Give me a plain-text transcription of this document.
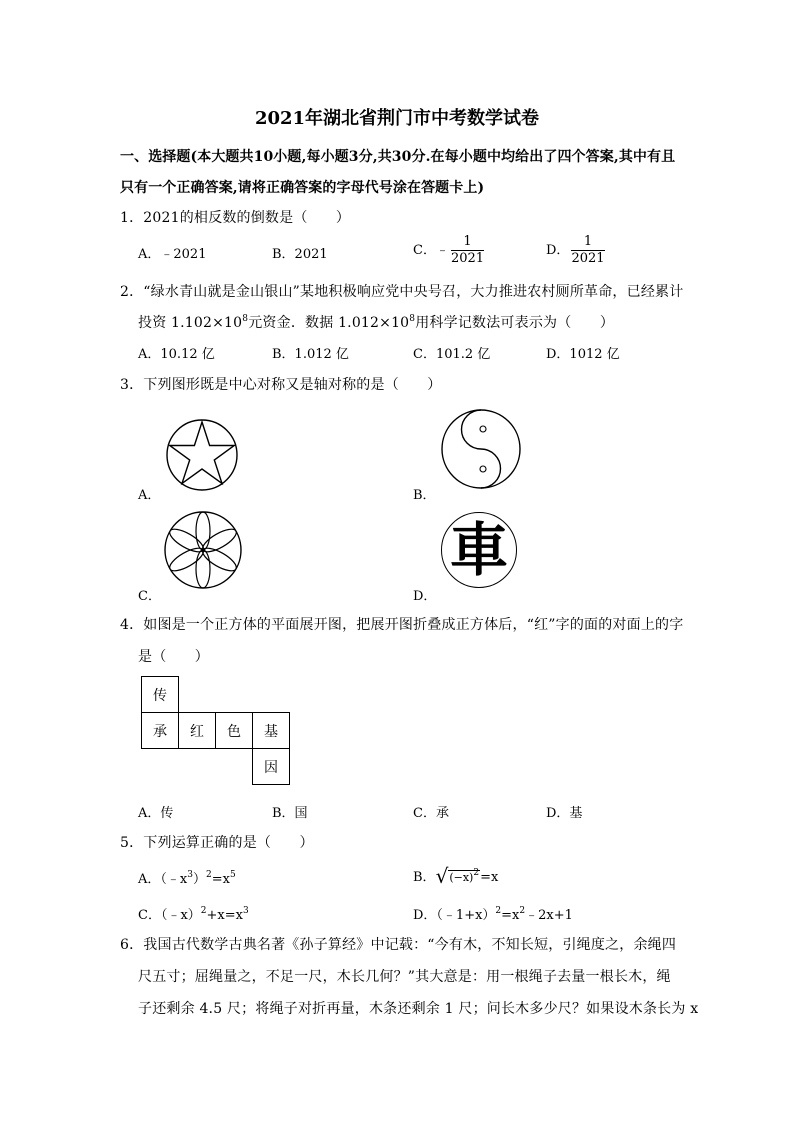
2021年湖北省荆门市中考数学试卷
一、选择题(本大题共10小题,每小题3分,共30分.在每小题中均给出了四个答案,其中有且
只有一个正确答案,请将正确答案的字母代号涂在答题卡上)
1．2021的相反数的倒数是（　　）
A．﹣2021	B．2021	C．﹣ $\frac{1}{2021}$	D． $\frac{1}{2021}$
2．“绿水青山就是金山银山”某地积极响应党中央号召，大力推进农村厕所革命，已经累计
投资 $1.102\times 10^8$元资金．数据 $1.012\times 10^8$用科学记数法可表示为（　　）
A．10.12 亿	B．1.012 亿	C．101.2 亿	D．1012 亿
3．下列图形既是中心对称又是轴对称的是（　　）
A．	B．
C．
車
D．
4．如图是一个正方体的平面展开图，把展开图折叠成正方体后，“红”字的面的对面上的字
是（　　）
传			
承	红	色	基
			因
A．传	B．国	C．承	D．基
5．下列运算正确的是（　　）
A．$(﹣x^3)^2=x^5$	B．$√(-x)^2=x$
C．$(﹣x)^2+x=x^3$	D．$(﹣1+x)^2=x^2﹣2x+1$
6．我国古代数学古典名著《孙子算经》中记载：“今有木，不知长短，引绳度之，余绳四
尺五寸；屈绳量之，不足一尺，木长几何？”其大意是：用一根绳子去量一根长木，绳
子还剩余 4.5 尺；将绳子对折再量，木条还剩余 1 尺；问长木多少尺？如果设木条长为 x
